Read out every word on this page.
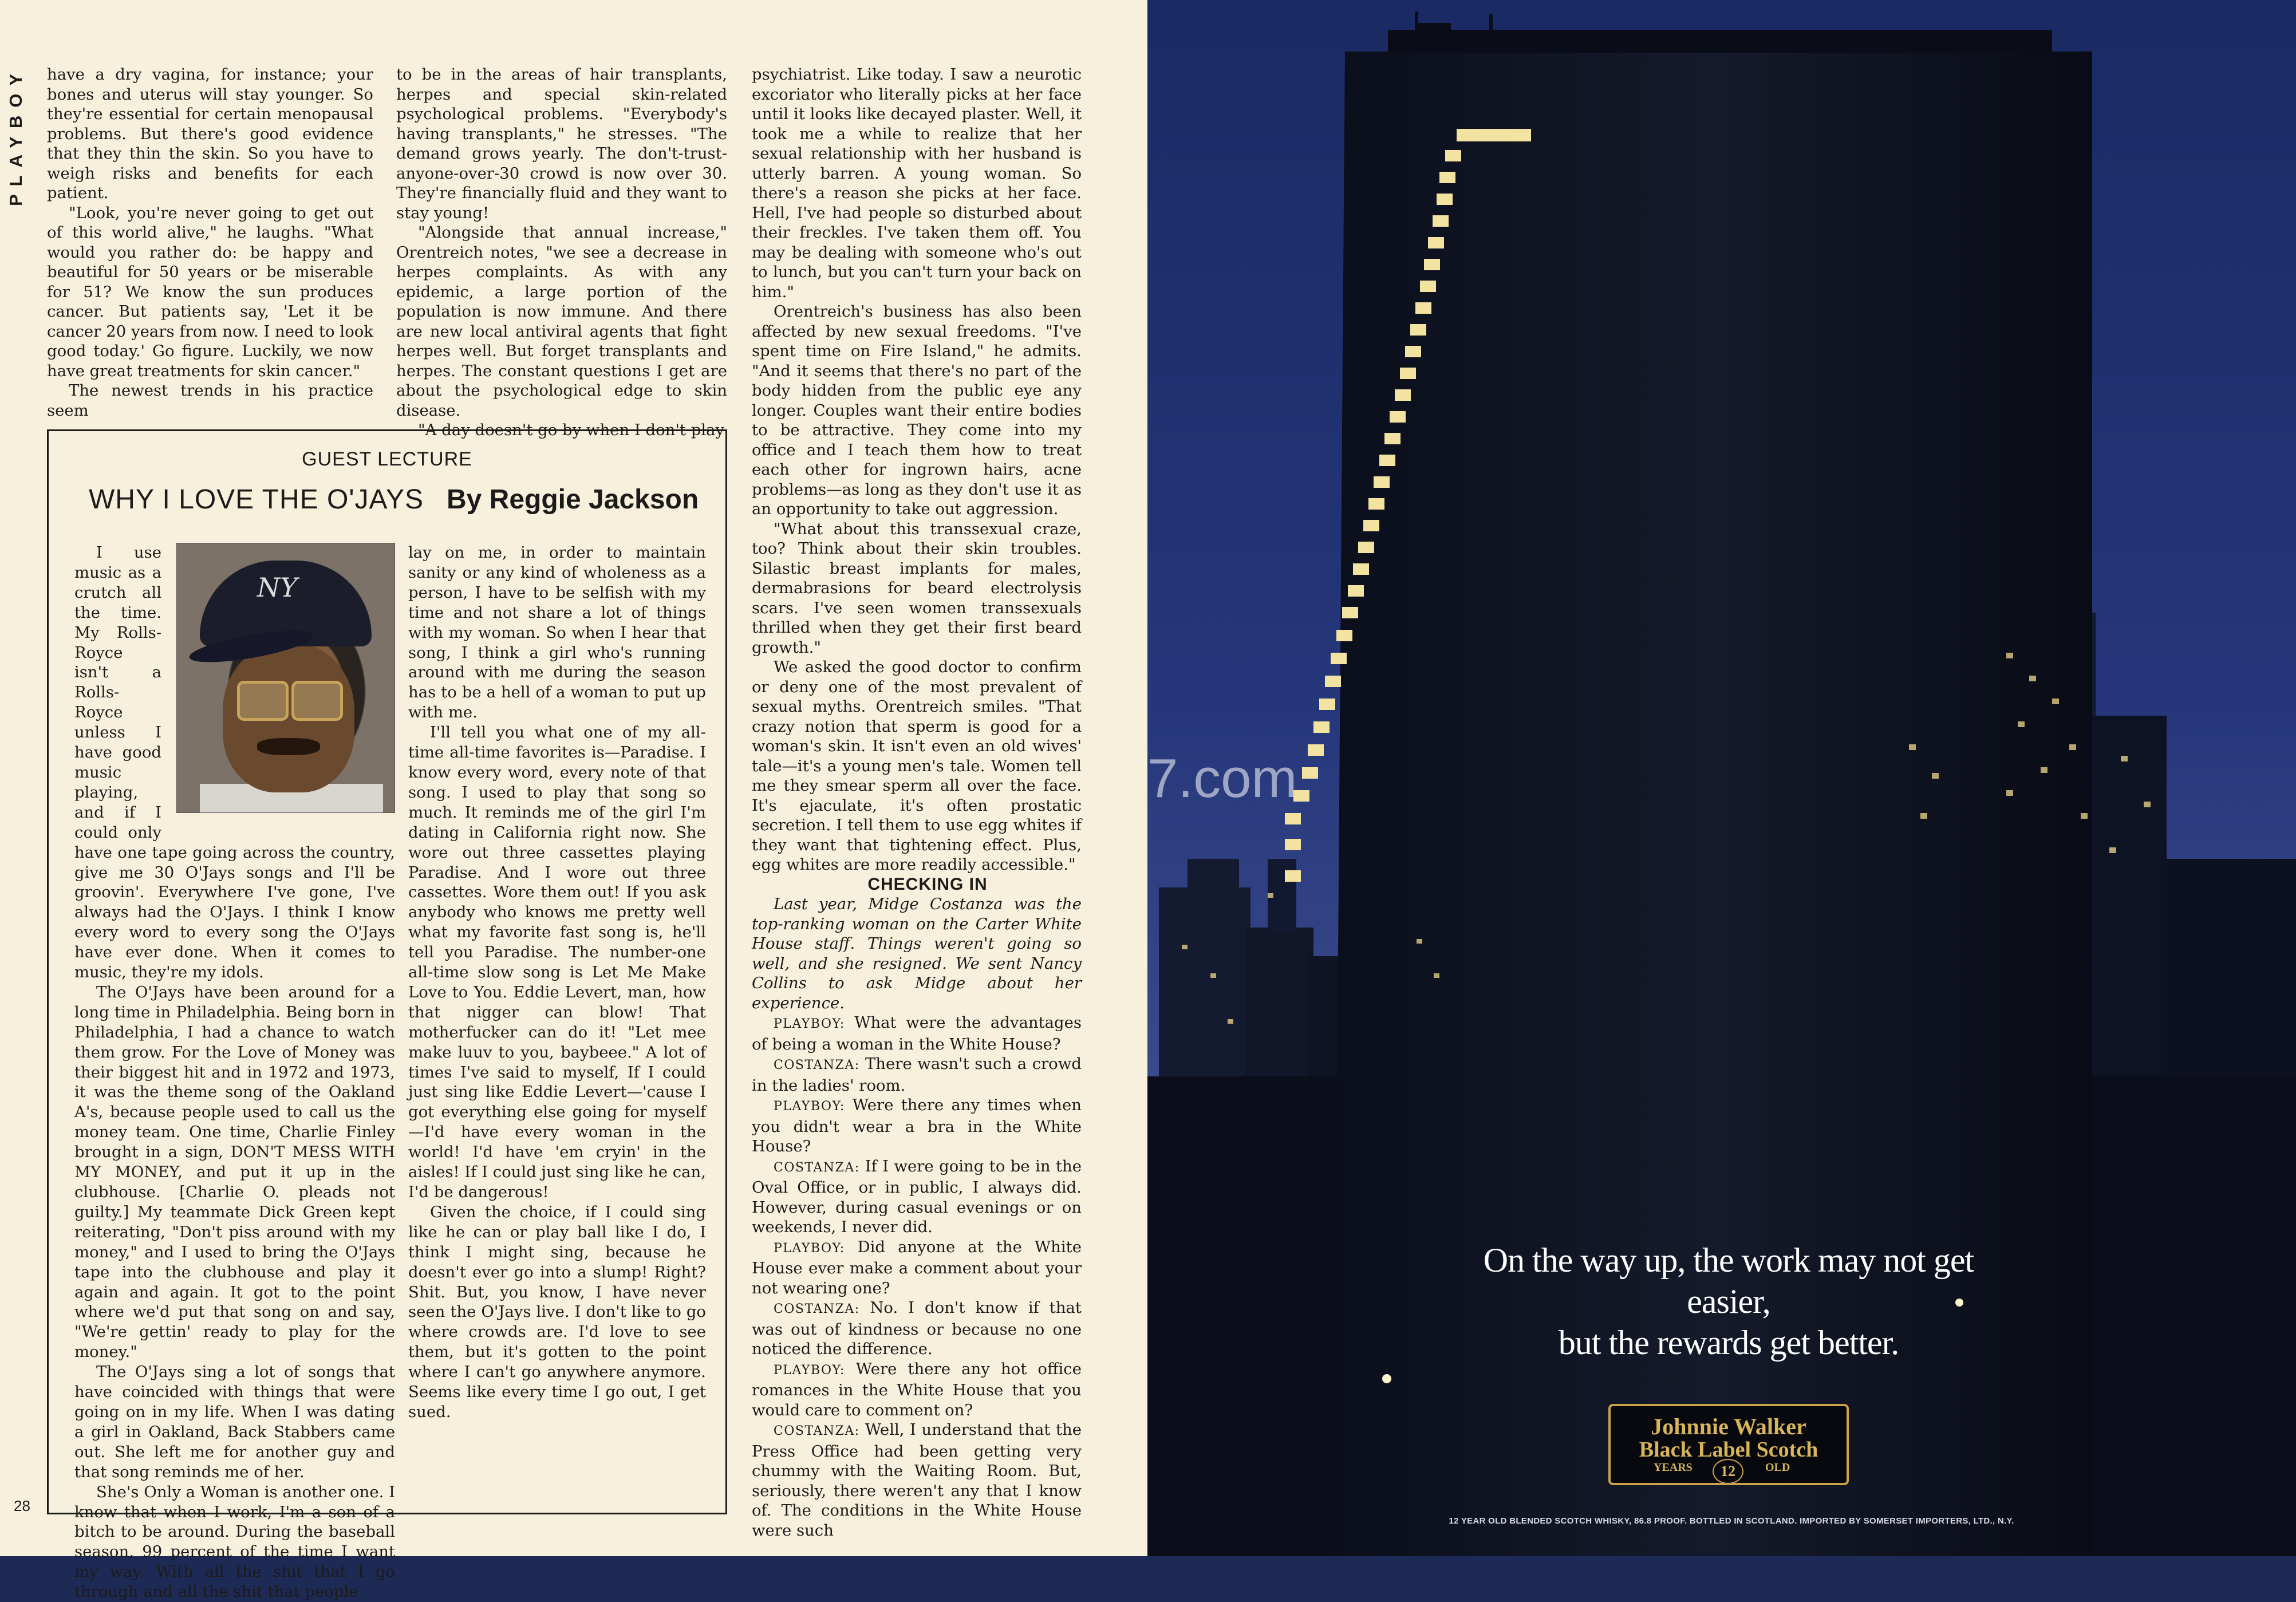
PLAYBOY have a dry vagina, for instance; your bones and uterus will stay younger. So they're essential for certain menopausal problems. But there's good evidence that they thin the skin. So you have to weigh risks and benefits for each patient.

"Look, you're never going to get out of this world alive," he laughs. "What would you rather do: be happy and beautiful for 50 years or be miserable for 51? We know the sun produces cancer. But patients say, 'Let it be cancer 20 years from now. I need to look good today.' Go figure. Luckily, we now have great treatments for skin cancer."

The newest trends in his practice seem

to be in the areas of hair transplants, herpes and special skin-related psychological problems. "Everybody's having transplants," he stresses. "The demand grows yearly. The don't-trust-anyone-over-30 crowd is now over 30. They're financially fluid and they want to stay young!

"Alongside that annual increase," Orentreich notes, "we see a decrease in herpes complaints. As with any epidemic, a large portion of the population is now immune. And there are new local antiviral agents that fight herpes well. But forget transplants and herpes. The constant questions I get are about the psychological edge to skin disease.

"A day doesn't go by when I don't play

psychiatrist. Like today. I saw a neurotic excoriator who literally picks at her face until it looks like decayed plaster. Well, it took me a while to realize that her sexual relationship with her husband is utterly barren. A young woman. So there's a reason she picks at her face. Hell, I've had people so disturbed about their freckles. I've taken them off. You may be dealing with someone who's out to lunch, but you can't turn your back on him."

Orentreich's business has also been affected by new sexual freedoms. "I've spent time on Fire Island," he admits. "And it seems that there's no part of the body hidden from the public eye any longer. Couples want their entire bodies to be attractive. They come into my office and I teach them how to treat each other for ingrown hairs, acne problems—as long as they don't use it as an opportunity to take out aggression.

"What about this transsexual craze, too? Think about their skin troubles. Silastic breast implants for males, dermabrasions for beard electrolysis scars. I've seen women transsexuals thrilled when they get their first beard growth."

We asked the good doctor to confirm or deny one of the most prevalent of sexual myths. Orentreich smiles. "That crazy notion that sperm is good for a woman's skin. It isn't even an old wives' tale—it's a young men's tale. Women tell me they smear sperm all over the face. It's ejaculate, it's often prostatic secretion. I tell them to use egg whites if they want that tightening effect. Plus, egg whites are more readily accessible."

CHECKING IN

Last year, Midge Costanza was the top-ranking woman on the Carter White House staff. Things weren't going so well, and she resigned. We sent Nancy Collins to ask Midge about her experience.

PLAYBOY: What were the advantages of being a woman in the White House?

COSTANZA: There wasn't such a crowd in the ladies' room.

PLAYBOY: Were there any times when you didn't wear a bra in the White House?

COSTANZA: If I were going to be in the Oval Office, or in public, I always did. However, during casual evenings or on weekends, I never did.

PLAYBOY: Did anyone at the White House ever make a comment about your not wearing one?

COSTANZA: No. I don't know if that was out of kindness or because no one noticed the difference.

PLAYBOY: Were there any hot office romances in the White House that you would care to comment on?

COSTANZA: Well, I understand that the Press Office had been getting very chummy with the Waiting Room. But, seriously, there weren't any that I know of. The conditions in the White House were such

GUEST LECTURE
WHY I LOVE THE O'JAYS By Reggie Jackson
NY

I use music as a crutch all the time. My Rolls-Royce isn't a Rolls-Royce unless I have good music playing, and if I could only have one tape going across the country, give me 30 O'Jays songs and I'll be groovin'. Everywhere I've gone, I've always had the O'Jays. I think I know every word to every song the O'Jays have ever done. When it comes to music, they're my idols.

The O'Jays have been around for a long time in Philadelphia. Being born in Philadelphia, I had a chance to watch them grow. For the Love of Money was their biggest hit and in 1972 and 1973, it was the theme song of the Oakland A's, because people used to call us the money team. One time, Charlie Finley brought in a sign, DON'T MESS WITH MY MONEY, and put it up in the clubhouse. [Charlie O. pleads not guilty.] My teammate Dick Green kept reiterating, "Don't piss around with my money," and I used to bring the O'Jays tape into the clubhouse and play it again and again. It got to the point where we'd put that song on and say, "We're gettin' ready to play for the money."

The O'Jays sing a lot of songs that have coincided with things that were going on in my life. When I was dating a girl in Oakland, Back Stabbers came out. She left me for another guy and that song reminds me of her.

She's Only a Woman is another one. I know that when I work, I'm a son of a bitch to be around. During the baseball season, 99 percent of the time I want my way. With all the shit that I go through and all the shit that people

lay on me, in order to maintain sanity or any kind of wholeness as a person, I have to be selfish with my time and not share a lot of things with my woman. So when I hear that song, I think a girl who's running around with me during the season has to be a hell of a woman to put up with me.

I'll tell you what one of my all-time all-time favorites is—Paradise. I know every word, every note of that song. I used to play that song so much. It reminds me of the girl I'm dating in California right now. She wore out three cassettes playing Paradise. And I wore out three cassettes. Wore them out! If you ask anybody who knows me pretty well what my favorite fast song is, he'll tell you Paradise. The number-one all-time slow song is Let Me Make Love to You. Eddie Levert, man, how that nigger can blow! That motherfucker can do it! "Let mee make luuv to you, baybeee." A lot of times I've said to myself, If I could just sing like Eddie Levert—'cause I got everything else going for myself—I'd have every woman in the world! I'd have 'em cryin' in the aisles! If I could just sing like he can, I'd be dangerous!

Given the choice, if I could sing like he can or play ball like I do, I think I might sing, because he doesn't ever go into a slump! Right? Shit. But, you know, I have never seen the O'Jays live. I don't like to go where crowds are. I'd love to see them, but it's gotten to the point where I can't go anywhere anymore. Seems like every time I go out, I get sued.

28
7.com
On the way up, the work may not get easier,
but the rewards get better.
Johnnie Walker
Black Label Scotch
YEARS	12	OLD
12 YEAR OLD BLENDED SCOTCH WHISKY, 86.8 PROOF. BOTTLED IN SCOTLAND. IMPORTED BY SOMERSET IMPORTERS, LTD., N.Y.
